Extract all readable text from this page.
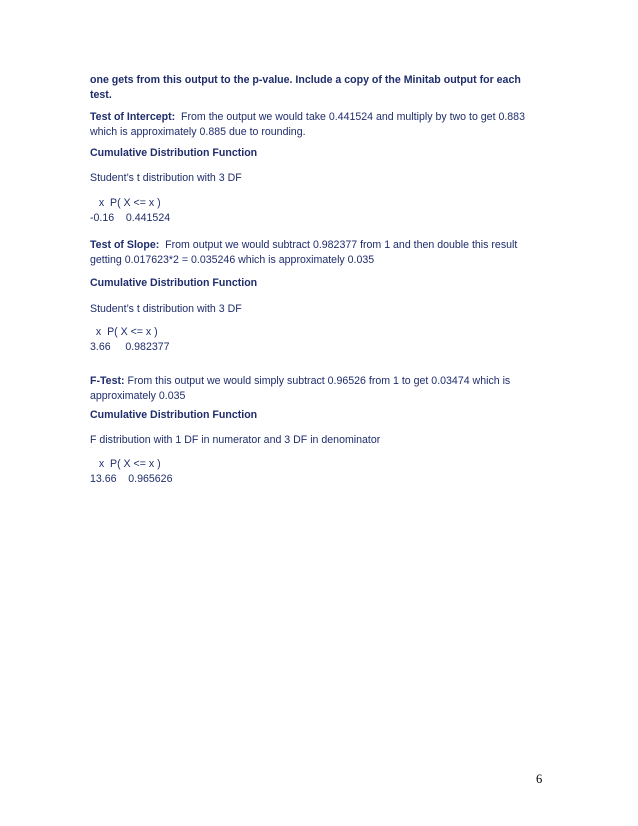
one gets from this output to the p-value. Include a copy of the Minitab output for each
test.
Test of Intercept:  From the output we would take 0.441524 and multiply by two to get 0.883
which is approximately 0.885 due to rounding.
Cumulative Distribution Function
Student’s t distribution with 3 DF
x  P( X <= x )
-0.16    0.441524
Test of Slope:  From output we would subtract 0.982377 from 1 and then double this result
getting 0.017623*2 = 0.035246 which is approximately 0.035
Cumulative Distribution Function
Student’s t distribution with 3 DF
x  P( X <= x )
3.66     0.982377
F-Test: From this output we would simply subtract 0.96526 from 1 to get 0.03474 which is
approximately 0.035
Cumulative Distribution Function
F distribution with 1 DF in numerator and 3 DF in denominator
x  P( X <= x )
13.66    0.965626
6
